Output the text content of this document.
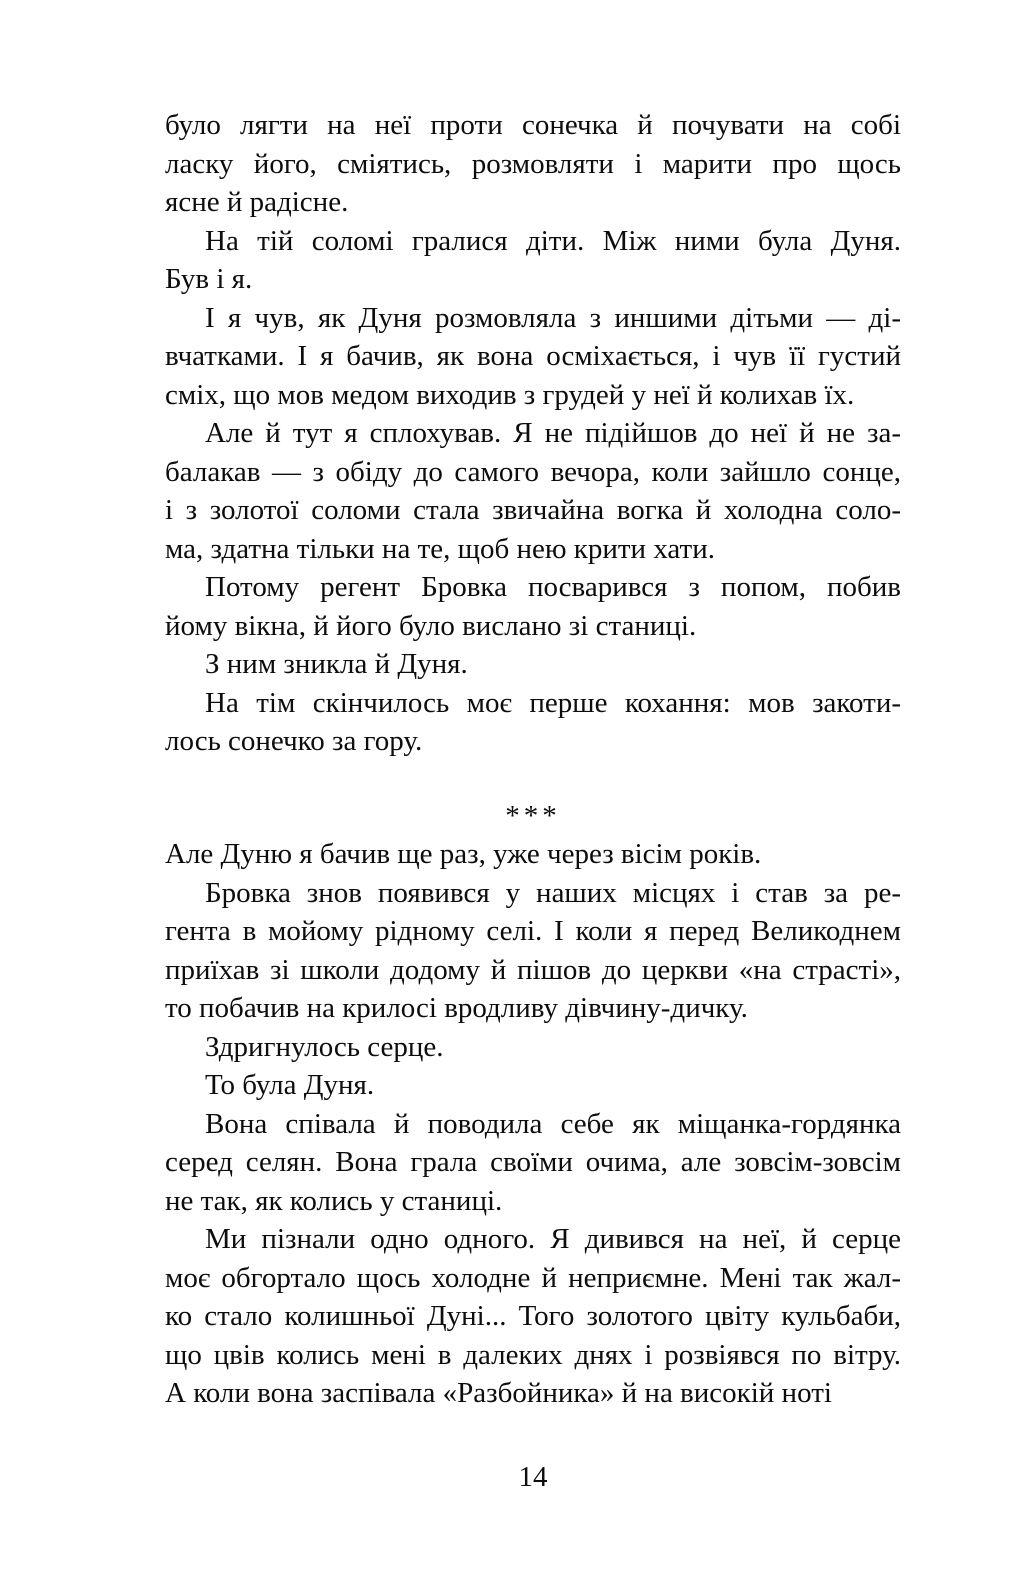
було лягти на неї проти сонечка й почувати на собі
ласку його, сміятись, розмовляти і марити про щось
ясне й радісне.
На тій соломі гралися діти. Між ними була Дуня.
Був і я.
І я чув, як Дуня розмовляла з иншими дітьми — ді-
вчатками. І я бачив, як вона осміхається, і чув її густий
сміх, що мов медом виходив з грудей у неї й колихав їх.
Але й тут я сплохував. Я не підійшов до неї й не за-
балакав — з обіду до самого вечора, коли зайшло сонце,
і з золотої соломи стала звичайна вогка й холодна соло-
ма, здатна тільки на те, щоб нею крити хати.
Потому регент Бровка посварився з попом, побив
йому вікна, й його було вислано зі станиці.
З ним зникла й Дуня.
На тім скінчилось моє перше кохання: мов закоти-
лось сонечко за гору.
***
Але Дуню я бачив ще раз, уже через вісім років.
Бровка знов появився у наших місцях і став за ре-
гента в мойому рідному селі. І коли я перед Великоднем
приїхав зі школи додому й пішов до церкви «на страсті»,
то побачив на крилосі вродливу дівчину-дичку.
Здригнулось серце.
То була Дуня.
Вона співала й поводила себе як міщанка-гордянка
серед селян. Вона грала своїми очима, але зовсім-зовсім
не так, як колись у станиці.
Ми пізнали одно одного. Я дивився на неї, й серце
моє обгортало щось холодне й неприємне. Мені так жал-
ко стало колишньої Дуні... Того золотого цвіту кульбаби,
що цвів колись мені в далеких днях і розвіявся по вітру.
А коли вона заспівала «Разбойника» й на високій ноті
14
